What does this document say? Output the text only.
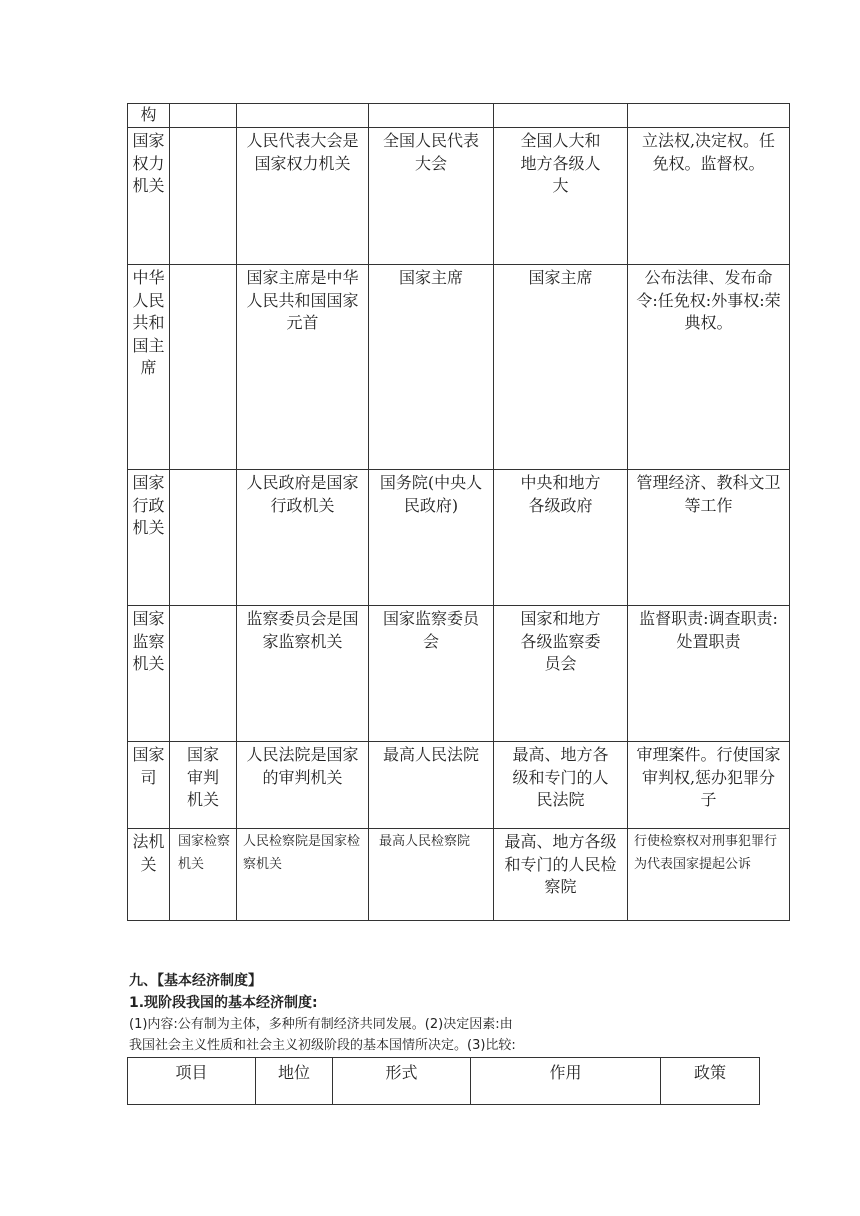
构					
国家权力机关		人民代表大会是国家权力机关	全国人民代表大会	全国人大和地方各级人大	立法权,决定权。任免权。监督权。
中华人民共和国主席		国家主席是中华人民共和国国家元首	国家主席	国家主席	公布法律、发布命令:任免权:外事权:荣典权。
国家行政机关		人民政府是国家行政机关	国务院(中央人民政府)	中央和地方各级政府	管理经济、教科文卫等工作
国家监察机关		监察委员会是国家监察机关	国家监察委员会	国家和地方各级监察委员会	监督职责:调查职责:处置职责
国家司	国家审判机关	人民法院是国家的审判机关	最高人民法院	最高、地方各级和专门的人民法院	审理案件。行使国家审判权,惩办犯罪分子
法机关	国家检察机关	人民检察院是国家检察机关	最高人民检察院	最高、地方各级和专门的人民检察院	行使检察权对刑事犯罪行为代表国家提起公诉
九、【基本经济制度】
1.现阶段我国的基本经济制度:
(1)内容:公有制为主体，多种所有制经济共同发展。(2)决定因素:由
我国社会主义性质和社会主义初级阶段的基本国情所决定。(3)比较:
项目	地位	形式	作用	政策
